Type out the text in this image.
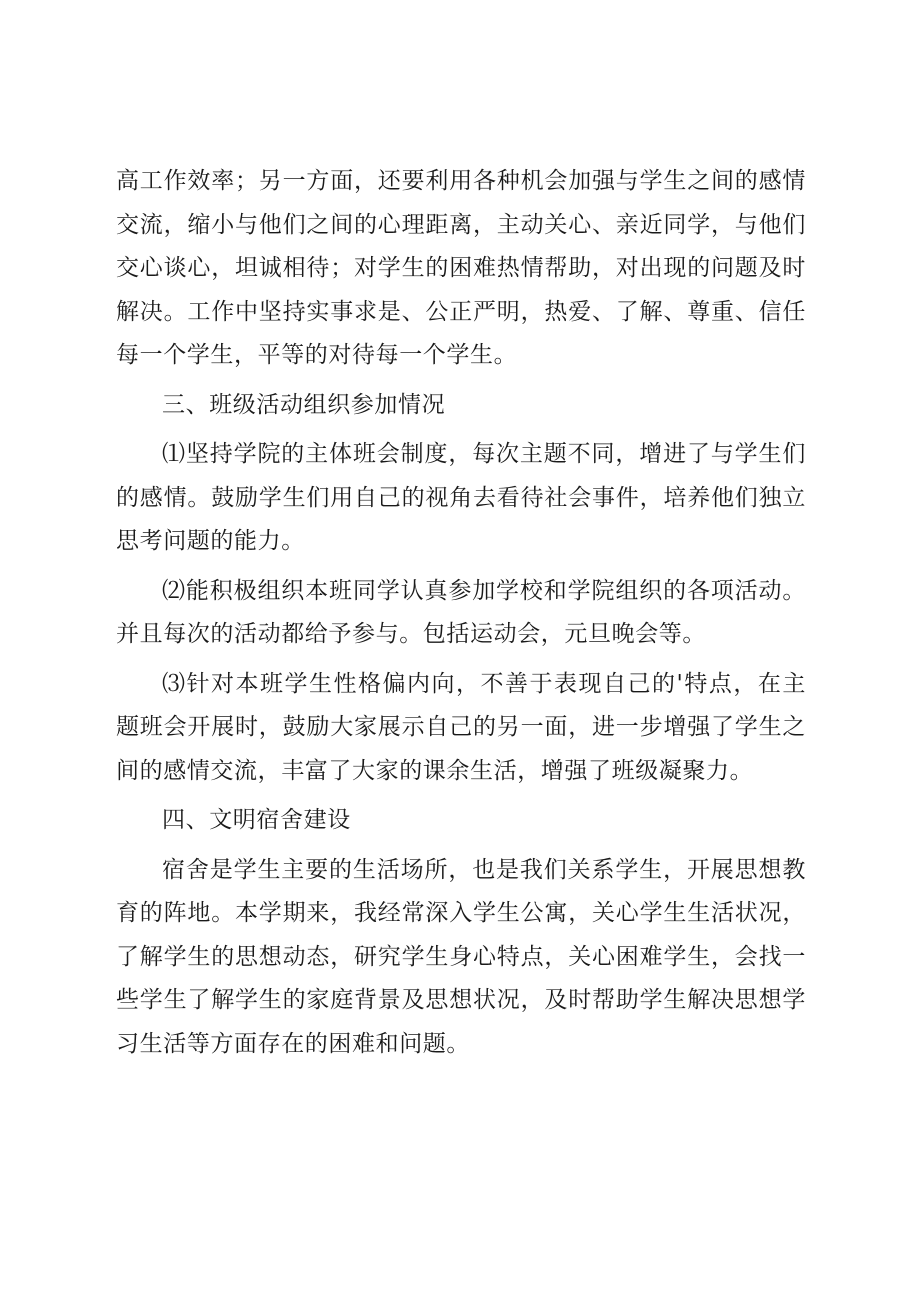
高工作效率；另一方面，还要利用各种机会加强与学生之间的感情交流，缩小与他们之间的心理距离，主动关心、亲近同学，与他们交心谈心，坦诚相待；对学生的困难热情帮助，对出现的问题及时解决。工作中坚持实事求是、公正严明，热爱、了解、尊重、信任每一个学生，平等的对待每一个学生。

三、班级活动组织参加情况

⑴坚持学院的主体班会制度，每次主题不同，增进了与学生们的感情。鼓励学生们用自己的视角去看待社会事件，培养他们独立思考问题的能力。

⑵能积极组织本班同学认真参加学校和学院组织的各项活动。并且每次的活动都给予参与。包括运动会，元旦晚会等。

⑶针对本班学生性格偏内向，不善于表现自己的'特点，在主题班会开展时，鼓励大家展示自己的另一面，进一步增强了学生之间的感情交流，丰富了大家的课余生活，增强了班级凝聚力。

四、文明宿舍建设

宿舍是学生主要的生活场所，也是我们关系学生，开展思想教育的阵地。本学期来，我经常深入学生公寓，关心学生生活状况，了解学生的思想动态，研究学生身心特点，关心困难学生，会找一些学生了解学生的家庭背景及思想状况，及时帮助学生解决思想学习生活等方面存在的困难和问题。
